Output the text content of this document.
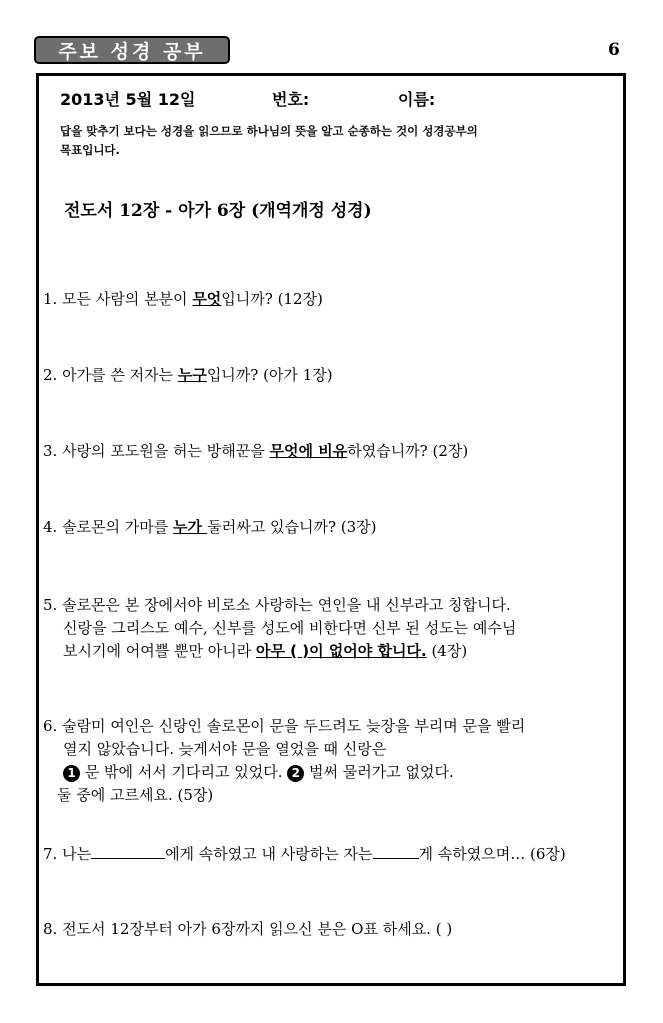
주보 성경 공부	6
2013년 5월 12일	번호:	이름:
답을 맞추기 보다는 성경을 읽으므로 하나님의 뜻을 알고 순종하는 것이 성경공부의
목표입니다.
전도서 12장 - 아가 6장 (개역개정 성경)
1. 모든 사람의 본분이 무엇입니까? (12장)
2. 아가를 쓴 저자는 누구입니까? (아가 1장)
3. 사랑의 포도원을 허는 방해꾼을 무엇에 비유하였습니까? (2장)
4. 솔로몬의 가마를 누가 둘러싸고 있습니까? (3장)
5. 솔로몬은 본 장에서야 비로소 사랑하는 연인을 내 신부라고 칭합니다.
신랑을 그리스도 예수, 신부를 성도에 비한다면 신부 된 성도는 예수님
보시기에 어여쁠 뿐만 아니라 아무 ( )이 없어야 합니다. (4장)
6. 술람미 여인은 신랑인 솔로몬이 문을 두드려도 늦장을 부리며 문을 빨리
열지 않았습니다. 늦게서야 문을 열었을 때 신랑은
1 문 밖에 서서 기다리고 있었다. 2 벌써 물러가고 없었다.
둘 중에 고르세요. (5장)
7. 나는	에게 속하였고 내 사랑하는 자는	게 속하였으며… (6장)
8. 전도서 12장부터 아가 6장까지 읽으신 분은 O표 하세요. ( )
